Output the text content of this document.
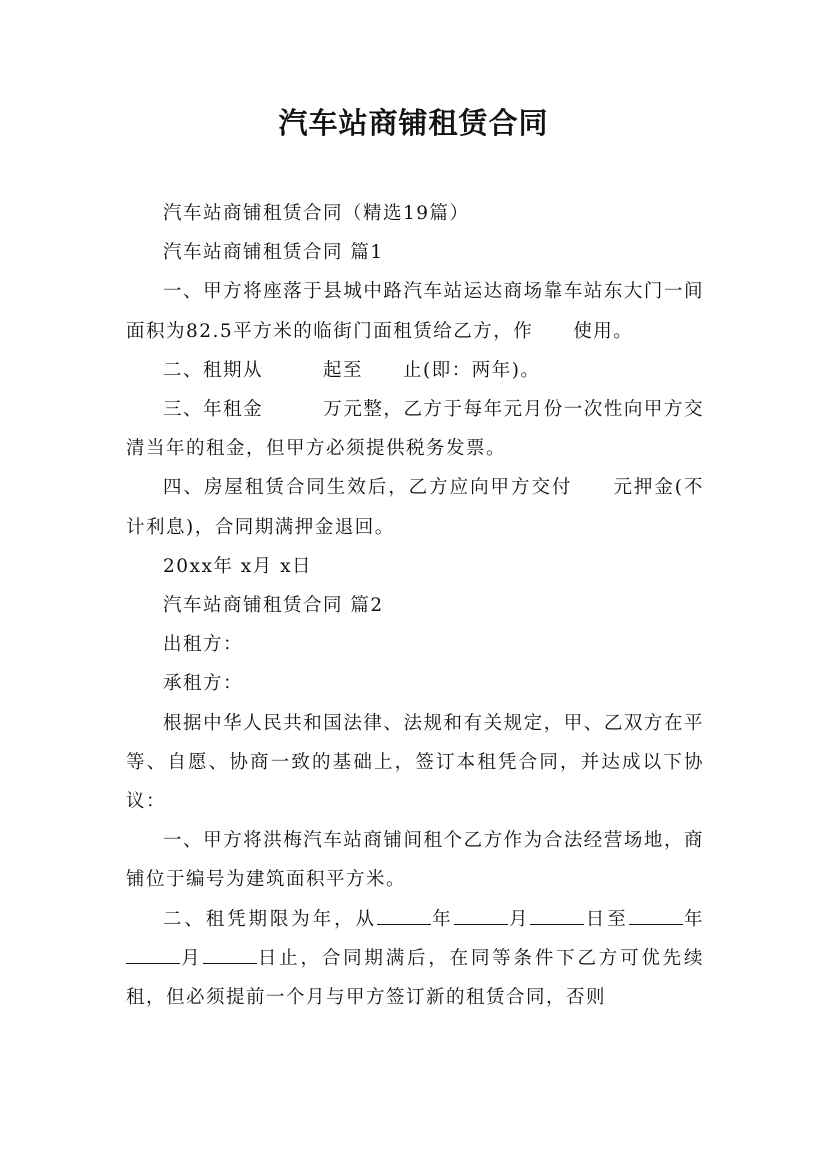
汽车站商铺租赁合同

汽车站商铺租赁合同（精选19篇）

汽车站商铺租赁合同 篇1

一、甲方将座落于县城中路汽车站运达商场靠车站东大门一间面积为82.5平方米的临街门面租赁给乙方，作　　使用。

二、租期从　　　起至　　止(即：两年)。

三、年租金　　　万元整，乙方于每年元月份一次性向甲方交清当年的租金，但甲方必须提供税务发票。

四、房屋租赁合同生效后，乙方应向甲方交付　　元押金(不计利息)，合同期满押金退回。

20xx年 x月 x日

汽车站商铺租赁合同 篇2

出租方：

承租方：

根据中华人民共和国法律、法规和有关规定，甲、乙双方在平等、自愿、协商一致的基础上，签订本租凭合同，并达成以下协议：

一、甲方将洪梅汽车站商铺间租个乙方作为合法经营场地，商铺位于编号为建筑面积平方米。

二、租凭期限为年，从	年	月	日至	年月	日止，合同期满后，在同等条件下乙方可优先续租，但必须提前一个月与甲方签订新的租赁合同，否则
